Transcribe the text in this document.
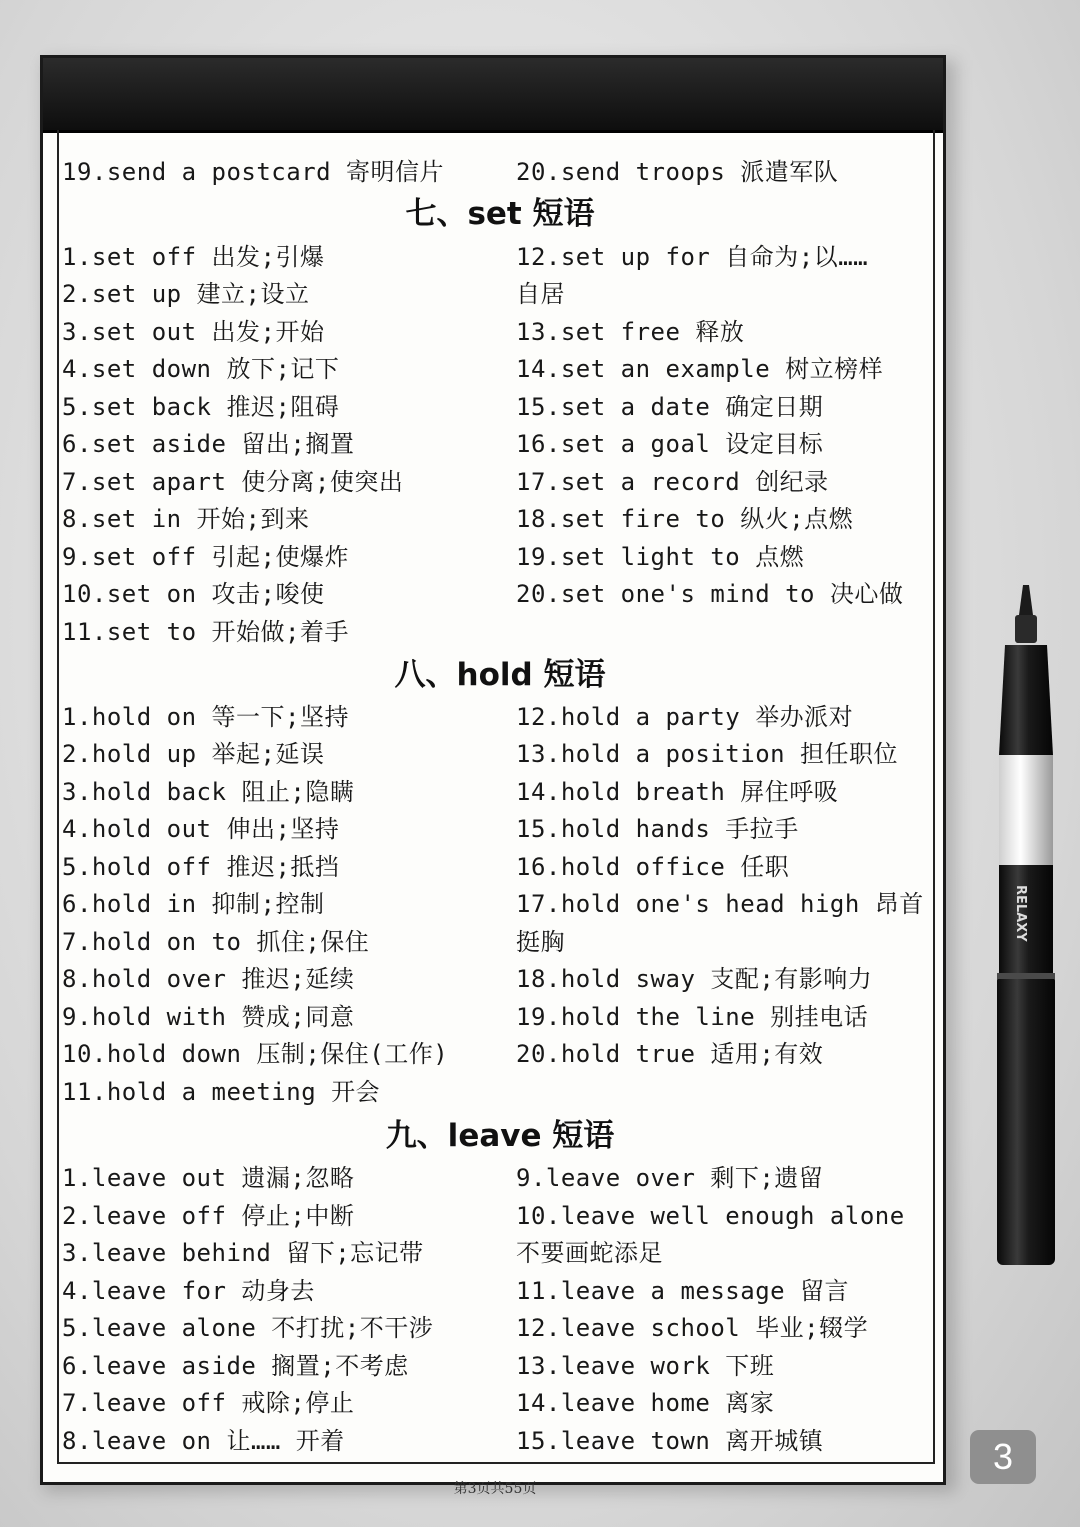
19.send a postcard 寄明信片	20.send troops 派遣军队
七、set 短语
1.set off 出发;引爆
2.set up 建立;设立
3.set out 出发;开始
4.set down 放下;记下
5.set back 推迟;阻碍
6.set aside 留出;搁置
7.set apart 使分离;使突出
8.set in 开始;到来
9.set off 引起;使爆炸
10.set on 攻击;唆使
11.set to 开始做;着手
12.set up for 自命为;以……
自居
13.set free 释放
14.set an example 树立榜样
15.set a date 确定日期
16.set a goal 设定目标
17.set a record 创纪录
18.set fire to 纵火;点燃
19.set light to 点燃
20.set one's mind to 决心做
八、hold 短语
1.hold on 等一下;坚持
2.hold up 举起;延误
3.hold back 阻止;隐瞒
4.hold out 伸出;坚持
5.hold off 推迟;抵挡
6.hold in 抑制;控制
7.hold on to 抓住;保住
8.hold over 推迟;延续
9.hold with 赞成;同意
10.hold down 压制;保住(工作)
11.hold a meeting 开会
12.hold a party 举办派对
13.hold a position 担任职位
14.hold breath 屏住呼吸
15.hold hands 手拉手
16.hold office 任职
17.hold one's head high 昂首
挺胸
18.hold sway 支配;有影响力
19.hold the line 别挂电话
20.hold true 适用;有效
九、leave 短语
1.leave out 遗漏;忽略
2.leave off 停止;中断
3.leave behind 留下;忘记带
4.leave for 动身去
5.leave alone 不打扰;不干涉
6.leave aside 搁置;不考虑
7.leave off 戒除;停止
8.leave on 让…… 开着
9.leave over 剩下;遗留
10.leave well enough alone
不要画蛇添足
11.leave a message 留言
12.leave school 毕业;辍学
13.leave work 下班
14.leave home 离家
15.leave town 离开城镇
第3页共55页
RELAXY
3
